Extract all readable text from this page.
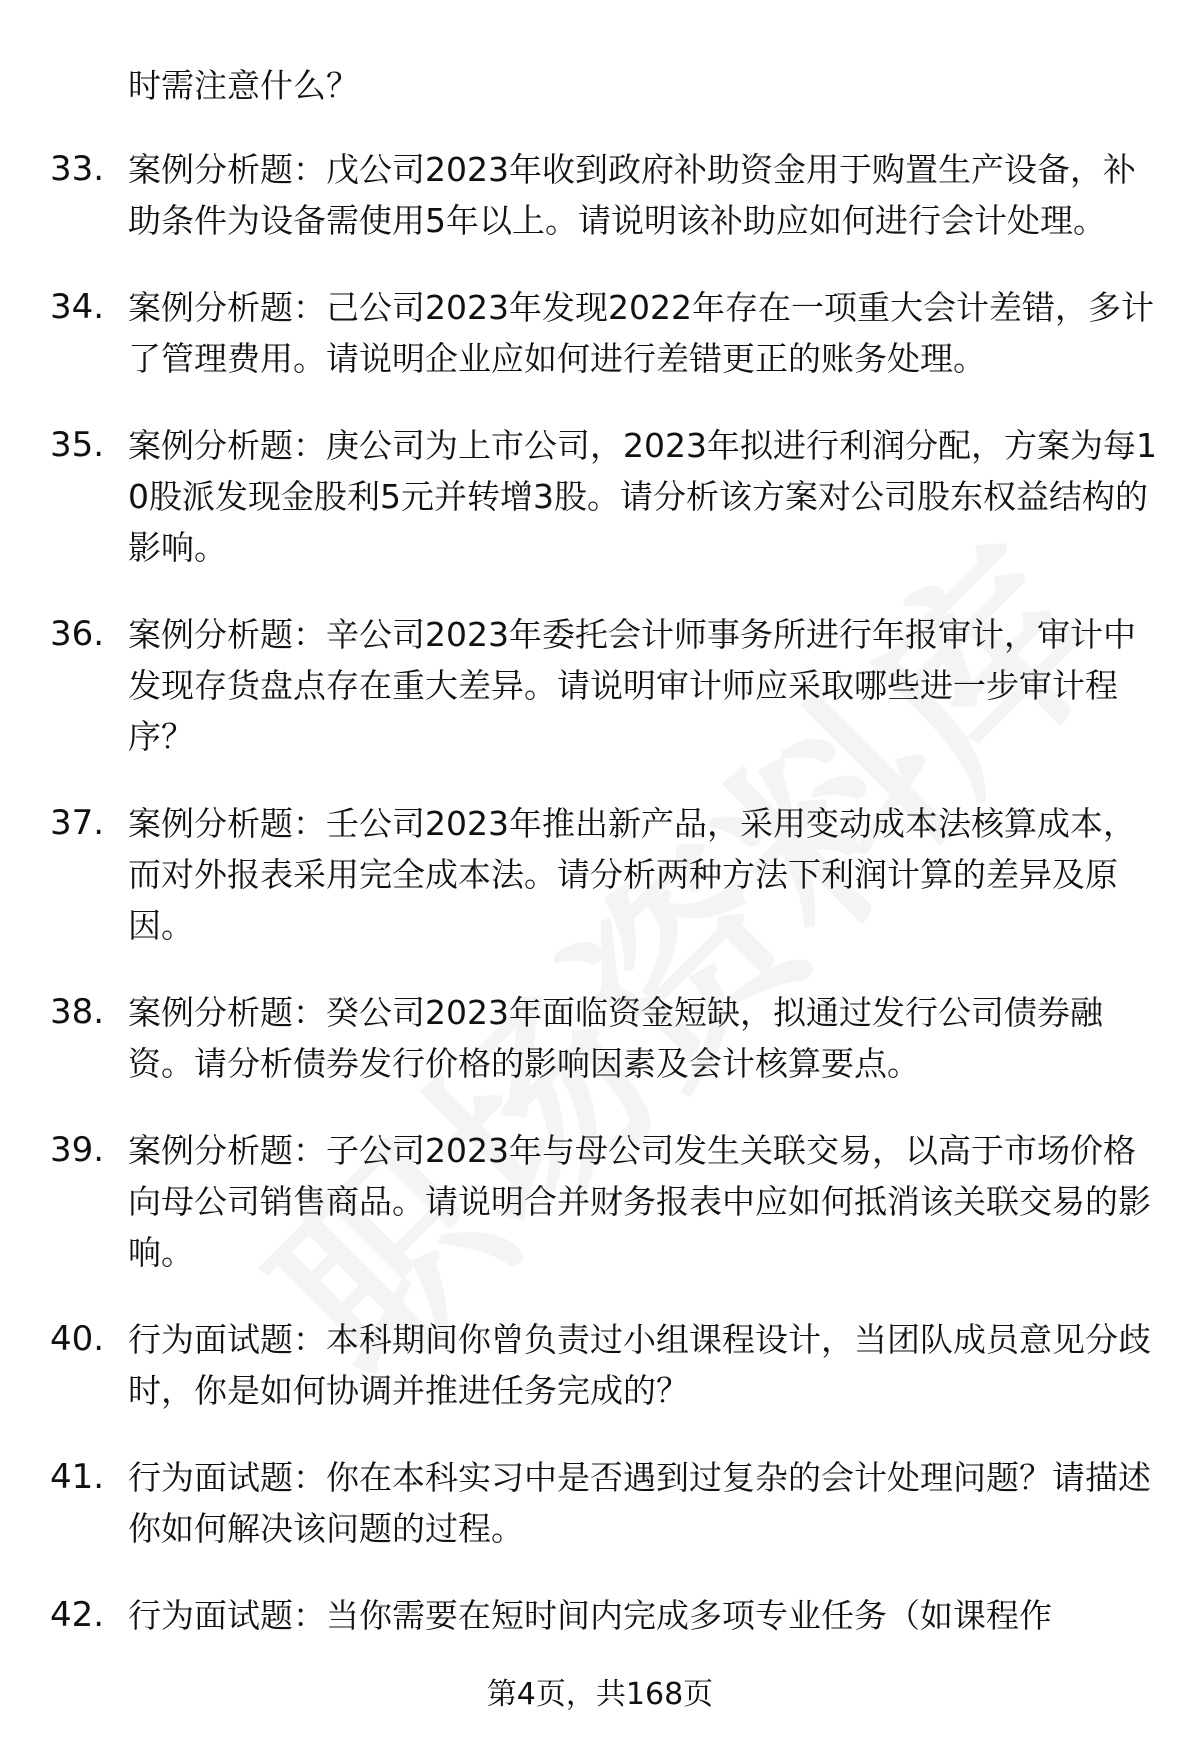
时需注意什么？
33. 案例分析题：戊公司2023年收到政府补助资金用于购置生产设备，补助条件为设备需使用5年以上。请说明该补助应如何进行会计处理。
34. 案例分析题：己公司2023年发现2022年存在一项重大会计差错，多计了管理费用。请说明企业应如何进行差错更正的账务处理。
35. 案例分析题：庚公司为上市公司，2023年拟进行利润分配，方案为每10股派发现金股利5元并转增3股。请分析该方案对公司股东权益结构的影响。
36. 案例分析题：辛公司2023年委托会计师事务所进行年报审计，审计中发现存货盘点存在重大差异。请说明审计师应采取哪些进一步审计程序？
37. 案例分析题：壬公司2023年推出新产品，采用变动成本法核算成本，而对外报表采用完全成本法。请分析两种方法下利润计算的差异及原因。
38. 案例分析题：癸公司2023年面临资金短缺，拟通过发行公司债券融资。请分析债券发行价格的影响因素及会计核算要点。
39. 案例分析题：子公司2023年与母公司发生关联交易，以高于市场价格向母公司销售商品。请说明合并财务报表中应如何抵消该关联交易的影响。
40. 行为面试题：本科期间你曾负责过小组课程设计，当团队成员意见分歧时，你是如何协调并推进任务完成的？
41. 行为面试题：你在本科实习中是否遇到过复杂的会计处理问题？请描述你如何解决该问题的过程。
42. 行为面试题：当你需要在短时间内完成多项专业任务（如课程作
第4页，共168页
